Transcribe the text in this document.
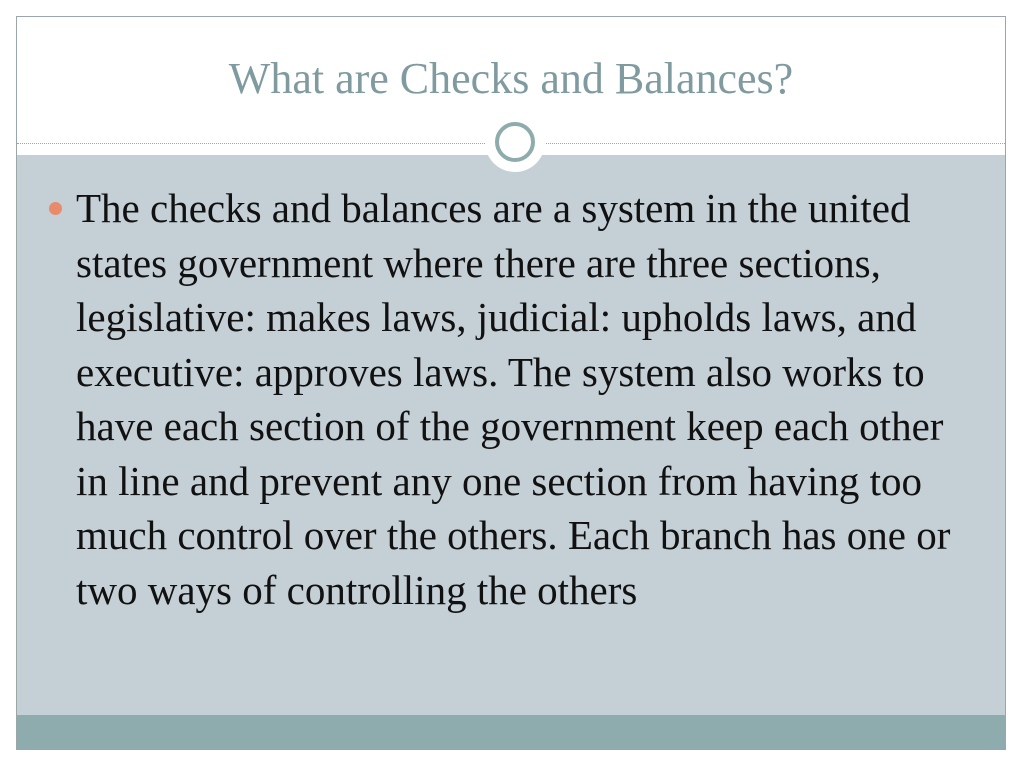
What are Checks and Balances?
The checks and balances are a system in the united states government where there are three sections, legislative: makes laws, judicial: upholds laws, and executive: approves laws. The system also works to have each section of the government keep each other in line and prevent any one section from having too much control over the others. Each branch has one or two ways of controlling the others
